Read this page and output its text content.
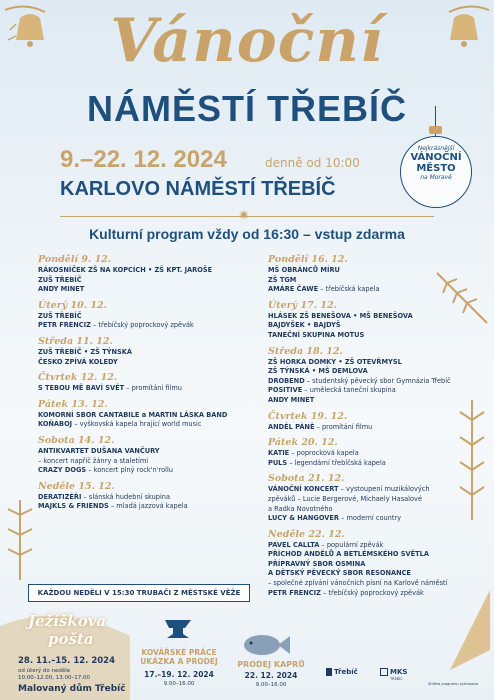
Vánoční
NÁMĚSTÍ TŘEBÍČ
9.–22. 12. 2024	denně od 10:00
KARLOVO NÁMĚSTÍ TŘEBÍČ
Nejkrásnější
VÁNOČNÍ
MĚSTO
na Moravě
✷
Kulturní program vždy od 16:30 – vstup zdarma
Pondělí 9. 12.
RÁKOSNÍČEK ZŠ NA KOPCÍCH • ZŠ KPT. JAROŠE
ZUŠ TŘEBÍČ
ANDY MINET
Úterý 10. 12.
ZUŠ TŘEBÍČ
PETR FRENCIZ – třebíčský poprockový zpěvák
Středa 11. 12.
ZUŠ TŘEBÍČ • ZŠ TÝNSKÁ
ČESKO ZPÍVÁ KOLEDY
Čtvrtek 12. 12.
S TEBOU MĚ BAVÍ SVĚT – promítání filmu
Pátek 13. 12.
KOMORNÍ SBOR CANTABILE a MARTIN LÁSKA BAND
KOŇABOJ – vyškovská kapela hrající world music
Sobota 14. 12.
ANTIKVARTET DUŠANA VANČURY
– koncert napříč žánry a staletími
CRAZY DOGS – koncert plný rock'n'rollu
Neděle 15. 12.
DERATIZÉŘI – slánská hudební skupina
MAJKLS & FRIENDS – mladá jazzová kapela
Pondělí 16. 12.
MŠ OBRÁNCŮ MÍRU
ZŠ TGM
AMÁRE ČAWE – třebíčská kapela
Úterý 17. 12.
HLÁSEK ZŠ BENEŠOVA • MŠ BENEŠOVA
BAJDYŠEK • BAJDYŠ
TANEČNÍ SKUPINA MOTUS
Středa 18. 12.
ZŠ HORKA DOMKY • ZŠ OTEVŘMYSL
ZŠ TÝNSKÁ • MŠ DEMLOVA
DROBEND – studentský pěvecký sbor Gymnázia Třebíč
POSITIVE – umělecká taneční skupina
ANDY MINET
Čtvrtek 19. 12.
ANDĚL PÁNĚ – promítání filmu
Pátek 20. 12.
KATIE – poprocková kapela
PULS – legendární třebíčská kapela
Sobota 21. 12.
VÁNOČNÍ KONCERT – vystoupení muzikálových
zpěváků – Lucie Bergerové, Michaely Hasalové
a Radka Novotného
LUCY & HANGOVER – moderní country
Neděle 22. 12.
PAVEL CALLTA – populární zpěvák
PŘÍCHOD ANDĚLŮ A BETLÉMSKÉHO SVĚTLA
PŘÍPRAVNÝ SBOR OSMINA
A DĚTSKÝ PĚVECKÝ SBOR RESONANCE
– společné zpívání vánočních písní na Karlově náměstí
PETR FRENCIZ – třebíčský poprockový zpěvák
KAŽDOU NEDĚLI V 15:30 TRUBAČI Z MĚSTSKÉ VĚŽE
Ježíškova
pošta
28. 11.–15. 12. 2024
od úterý do neděle
10.00–12.00, 13.00–17.00
Malovaný dům Třebíč
KOVÁŘSKÉ PRÁCE
UKÁZKA A PRODEJ
17.–19. 12. 2024
9.00–16.00
PRODEJ KAPRŮ
22. 12. 2024
9.00–16.00
Třebíč	MKS
TŘEBÍČ
Změna programu vyhrazena
